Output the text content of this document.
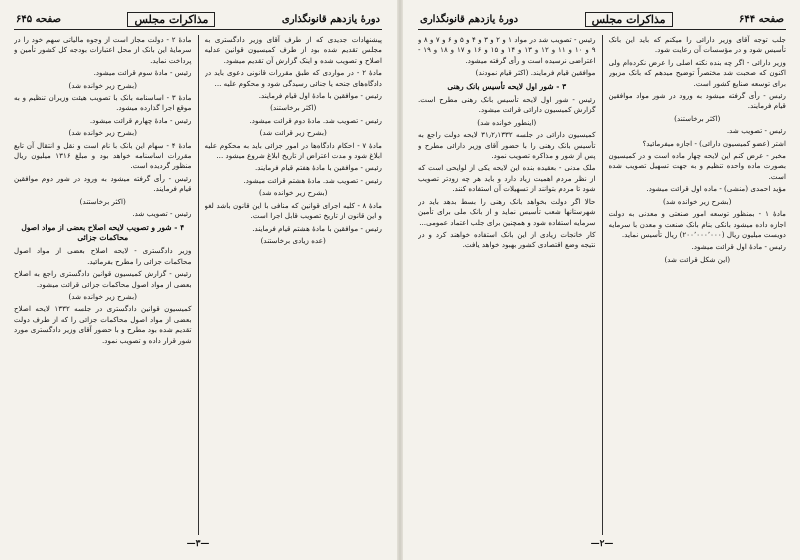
دورهٔ یازدهم قانونگذاری
مذاکرات مجلس
صفحه ۶۴۵

پیشنهادات جدیدی که از طرف آقای وزیر دادگستری به مجلس تقدیم شده بود از طرف کمیسیون قوانین عدلیه اصلاح و تصویب شده و اینک گزارش آن تقدیم میشود.

مادهٔ ۲ - در مواردی که طبق مقررات قانونی دعوی باید در دادگاه‌های جنحه یا جنائی رسیدگی شود و محکوم علیه ...

رئیس - موافقین با مادهٔ اول قیام فرمایند.

(اکثر برخاستند)

رئیس - تصویب شد. مادهٔ دوم قرائت میشود.

(بشرح زیر قرائت شد)

مادهٔ ۷ - احکام دادگاه‌ها در امور جزائی باید به محکوم علیه ابلاغ شود و مدت اعتراض از تاریخ ابلاغ شروع میشود ...

رئیس - موافقین با مادهٔ هفتم قیام فرمایند.

رئیس - تصویب شد. مادهٔ هشتم قرائت میشود.

(بشرح زیر خوانده شد)

مادهٔ ۸ - کلیه اجرای قوانین که منافی با این قانون باشد لغو و این قانون از تاریخ تصویب قابل اجرا است.

رئیس - موافقین با مادهٔ هشتم قیام فرمایند.

(عده زیادی برخاستند)

مادهٔ ۲ - دولت مجاز است از وجوه مالیاتی سهم خود را در سرمایهٔ این بانک از محل اعتبارات بودجه کل کشور تأمین و پرداخت نماید.

رئیس - مادهٔ سوم قرائت میشود.

(بشرح زیر خوانده شد)

مادهٔ ۳ - اساسنامه بانک با تصویب هیئت وزیران تنظیم و به موقع اجرا گذارده میشود.

رئیس - مادهٔ چهارم قرائت میشود.

(بشرح زیر خوانده شد)

مادهٔ ۴ - سهام این بانک با نام است و نقل و انتقال آن تابع مقررات اساسنامه خواهد بود و مبلغ ۱۳۱۶ میلیون ریال منظور گردیده است.

رئیس - رأی گرفته میشود به ورود در شور دوم موافقین قیام فرمایند.

(اکثر برخاستند)

رئیس - تصویب شد.

۴ - شور و تصویب لایحه اصلاح بعضی از مواد اصول محاکمات جزائی

وزیر دادگستری - لایحه اصلاح بعضی از مواد اصول محاکمات جزائی را مطرح بفرمائید.

رئیس - گزارش کمیسیون قوانین دادگستری راجع به اصلاح بعضی از مواد اصول محاکمات جزائی قرائت میشود.

(بشرح زیر خوانده شد)

کمیسیون قوانین دادگستری در جلسه ۱۳۳۲ لایحه اصلاح بعضی از مواد اصول محاکمات جزائی را که از طرف دولت تقدیم شده بود مطرح و با حضور آقای وزیر دادگستری مورد شور قرار داده و تصویب نمود.

—۳—
صفحه ۶۴۴
مذاکرات مجلس
دورهٔ یازدهم قانونگذاری

جلب توجه آقای وزیر دارائی را میکنم که باید این بانک تأسیس شود و در مؤسسات آن رعایت شود.

وزیر دارائی - اگر چه بنده نکته اصلی را عرض نکرده‌ام ولی اکنون که صحبت شد مختصراً توضیح میدهم که بانک مزبور برای توسعه صنایع کشور است.

رئیس - رأی گرفته میشود به ورود در شور مواد موافقین قیام فرمایند.

(اکثر برخاستند)

رئیس - تصویب شد.

اشتر (عضو کمیسیون دارائی) - اجازه میفرمائید؟

مخبر - عرض کنم این لایحه چهار ماده است و در کمیسیون بصورت ماده واحده تنظیم و به جهت تسهیل تصویب شده است.

مؤید احمدی (منشی) - ماده اول قرائت میشود.

(بشرح زیر خوانده شد)

مادهٔ ۱ - بمنظور توسعه امور صنعتی و معدنی به دولت اجازه داده میشود بانکی بنام بانک صنعت و معدن با سرمایه دویست میلیون ریال (۲۰۰٬۰۰۰٬۰۰۰) ریال تأسیس نماید.

رئیس - مادهٔ اول قرائت میشود.

(این شکل قرائت شد)

رئیس - تصویب شد در مواد ۱ و ۲ و ۳ و ۴ و ۵ و ۶ و ۷ و ۸ و ۹ و ۱۰ و ۱۱ و ۱۲ و ۱۳ و ۱۴ و ۱۵ و ۱۶ و ۱۷ و ۱۸ و ۱۹ - اعتراضی نرسیده است و رأی گرفته میشود.

موافقین قیام فرمایند. (اکثر قیام نمودند)

۳ - شور اول لایحه تأسیس بانک رهنی

رئیس - شور اول لایحه تأسیس بانک رهنی مطرح است. گزارش کمیسیون دارائی قرائت میشود.

(اینطور خوانده شد)

کمیسیون دارائی در جلسه ۳۱٫۲٫۱۳۳۲ لایحه دولت راجع به تأسیس بانک رهنی را با حضور آقای وزیر دارائی مطرح و پس از شور و مذاکره تصویب نمود.

ملک مدنی - بعقیده بنده این لایحه یکی از لوایحی است که از نظر مردم اهمیت زیاد دارد و باید هر چه زودتر تصویب شود تا مردم بتوانند از تسهیلات آن استفاده کنند.

حالا اگر دولت بخواهد بانک رهنی را بسط بدهد باید در شهرستانها شعب تأسیس نماید و از بانک ملی برای تأمین سرمایه استفاده شود و همچنین برای جلب اعتماد عمومی...

کار خانجات زیادی از این بانک استفاده خواهند کرد و در نتیجه وضع اقتصادی کشور بهبود خواهد یافت.

—۲—
